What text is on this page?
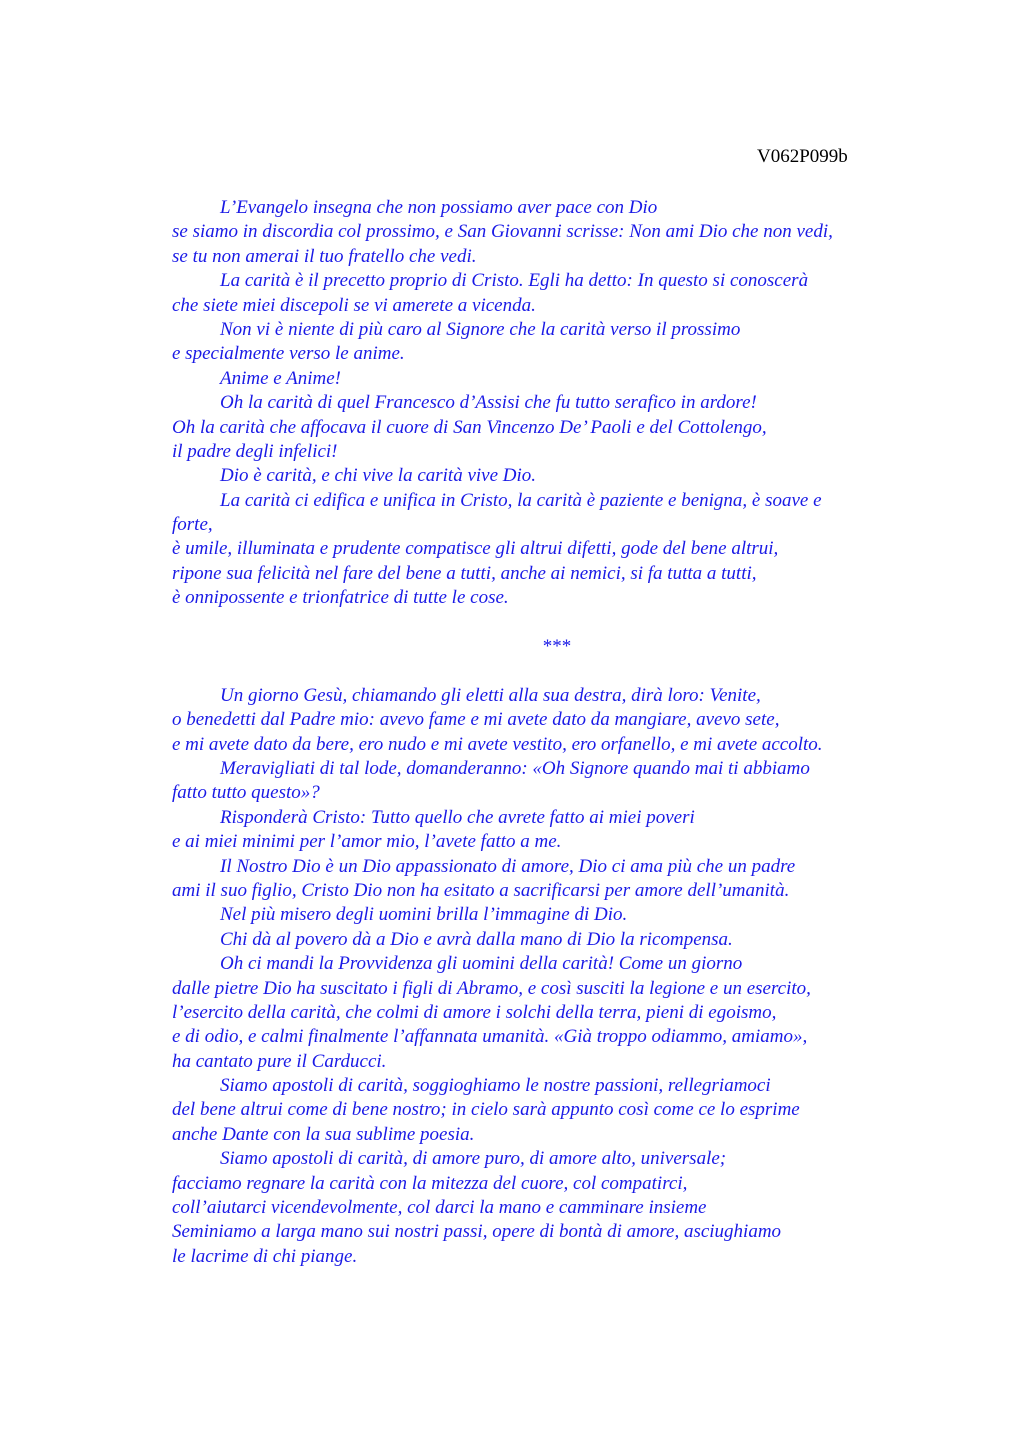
V062P099b
L’Evangelo insegna che non possiamo aver pace con Dio
se siamo in discordia col prossimo, e San Giovanni scrisse: Non ami Dio che non vedi,
se tu non amerai il tuo fratello che vedi.
La carità è il precetto proprio di Cristo. Egli ha detto: In questo si conoscerà
che siete miei discepoli se vi amerete a vicenda.
Non vi è niente di più caro al Signore che la carità verso il prossimo
e specialmente verso le anime.
Anime e Anime!
Oh la carità di quel Francesco d’Assisi che fu tutto serafico in ardore!
Oh la carità che affocava il cuore di San Vincenzo De’ Paoli e del Cottolengo,
il padre degli infelici!
Dio è carità, e chi vive la carità vive Dio.
La carità ci edifica e unifica in Cristo, la carità è paziente e benigna, è soave e
forte,
è umile, illuminata e prudente compatisce gli altrui difetti, gode del bene altrui,
ripone sua felicità nel fare del bene a tutti, anche ai nemici, si fa tutta a tutti,
è onnipossente e trionfatrice di tutte le cose.
***
Un giorno Gesù, chiamando gli eletti alla sua destra, dirà loro: Venite,
o benedetti dal Padre mio: avevo fame e mi avete dato da mangiare, avevo sete,
e mi avete dato da bere, ero nudo e mi avete vestito, ero orfanello, e mi avete accolto.
Meravigliati di tal lode, domanderanno: «Oh Signore quando mai ti abbiamo
fatto tutto questo»?
Risponderà Cristo: Tutto quello che avrete fatto ai miei poveri
e ai miei minimi per l’amor mio, l’avete fatto a me.
Il Nostro Dio è un Dio appassionato di amore, Dio ci ama più che un padre
ami il suo figlio, Cristo Dio non ha esitato a sacrificarsi per amore dell’umanità.
Nel più misero degli uomini brilla l’immagine di Dio.
Chi dà al povero dà a Dio e avrà dalla mano di Dio la ricompensa.
Oh ci mandi la Provvidenza gli uomini della carità! Come un giorno
dalle pietre Dio ha suscitato i figli di Abramo, e così susciti la legione e un esercito,
l’esercito della carità, che colmi di amore i solchi della terra, pieni di egoismo,
e di odio, e calmi finalmente l’affannata umanità. «Già troppo odiammo, amiamo»,
ha cantato pure il Carducci.
Siamo apostoli di carità, soggioghiamo le nostre passioni, rellegriamoci
del bene altrui come di bene nostro; in cielo sarà appunto così come ce lo esprime
anche Dante con la sua sublime poesia.
Siamo apostoli di carità, di amore puro, di amore alto, universale;
facciamo regnare la carità con la mitezza del cuore, col compatirci,
coll’aiutarci vicendevolmente, col darci la mano e camminare insieme
Seminiamo a larga mano sui nostri passi, opere di bontà di amore, asciughiamo
le lacrime di chi piange.
